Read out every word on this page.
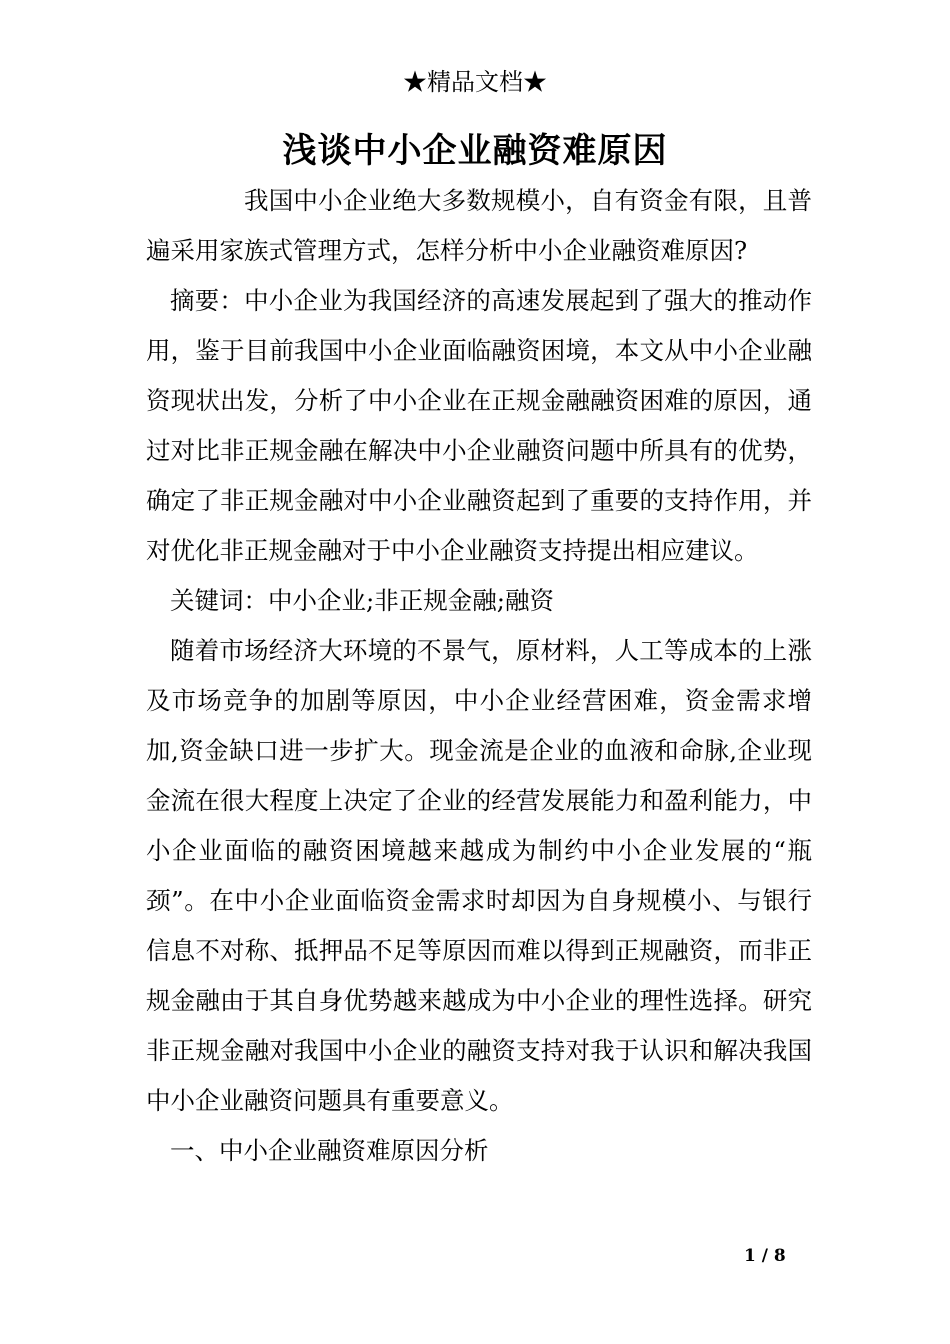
★精品文档★
浅谈中小企业融资难原因

我国中小企业绝大多数规模小，自有资金有限，且普遍采用家族式管理方式，怎样分析中小企业融资难原因?

摘要：中小企业为我国经济的高速发展起到了强大的推动作用，鉴于目前我国中小企业面临融资困境，本文从中小企业融资现状出发，分析了中小企业在正规金融融资困难的原因，通过对比非正规金融在解决中小企业融资问题中所具有的优势，确定了非正规金融对中小企业融资起到了重要的支持作用，并对优化非正规金融对于中小企业融资支持提出相应建议。

关键词：中小企业;非正规金融;融资

随着市场经济大环境的不景气，原材料，人工等成本的上涨及市场竞争的加剧等原因，中小企业经营困难，资金需求增加,资金缺口进一步扩大。现金流是企业的血液和命脉,企业现金流在很大程度上决定了企业的经营发展能力和盈利能力，中小企业面临的融资困境越来越成为制约中小企业发展的“瓶颈”。在中小企业面临资金需求时却因为自身规模小、与银行信息不对称、抵押品不足等原因而难以得到正规融资，而非正规金融由于其自身优势越来越成为中小企业的理性选择。研究非正规金融对我国中小企业的融资支持对我于认识和解决我国中小企业融资问题具有重要意义。

一、中小企业融资难原因分析

1 / 8
